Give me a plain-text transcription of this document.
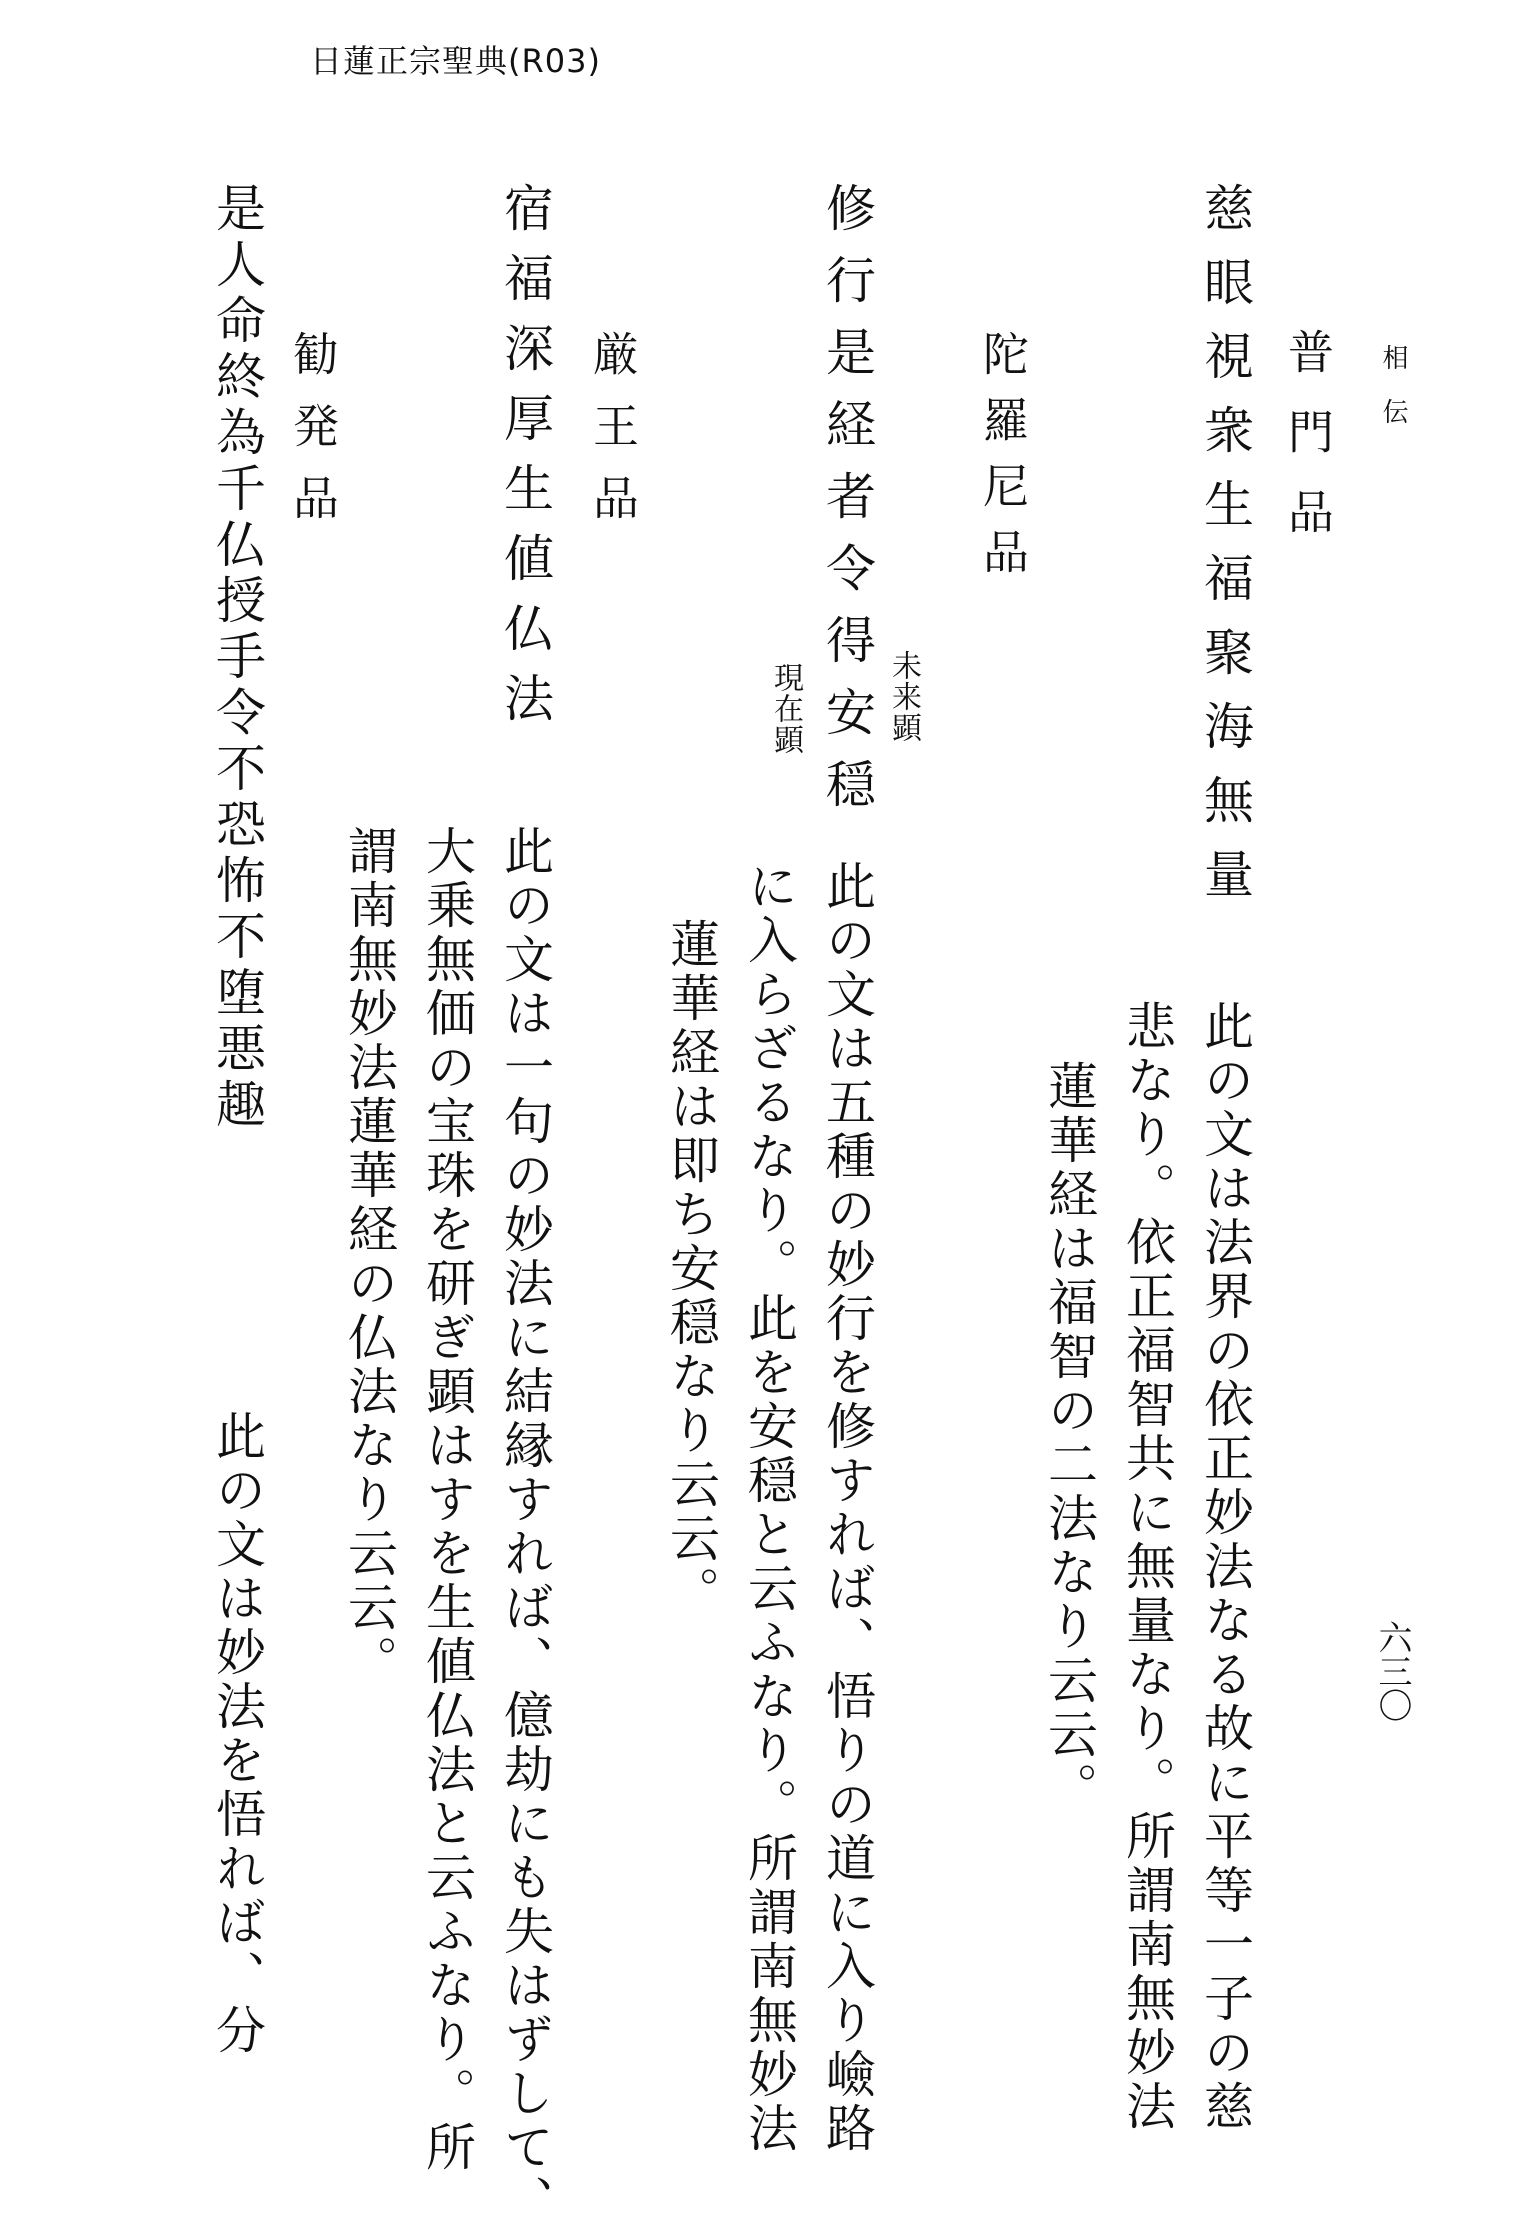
日蓮正宗聖典(R03)
相伝
六三〇
普門品
慈眼視衆生福聚海無量
此の文は法界の依正妙法なる故に平等一子の慈
悲なり。依正福智共に無量なり。所謂南無妙法
蓮華経は福智の二法なり云云。
陀羅尼品
修行是経者令得安穏 未来顕
現在顕
此の文は五種の妙行を修すれば、悟りの道に入り嶮路
に入らざるなり。此を安穏と云ふなり。所謂南無妙法
蓮華経は即ち安穏なり云云。
厳王品
宿福深厚生値仏法
此の文は一句の妙法に結縁すれば、億劫にも失はずして、
大乗無価の宝珠を研ぎ顕はすを生値仏法と云ふなり。所
謂南無妙法蓮華経の仏法なり云云。
勧発品
是人命終為千仏授手令不恐怖不堕悪趣
此の文は妙法を悟れば、分
